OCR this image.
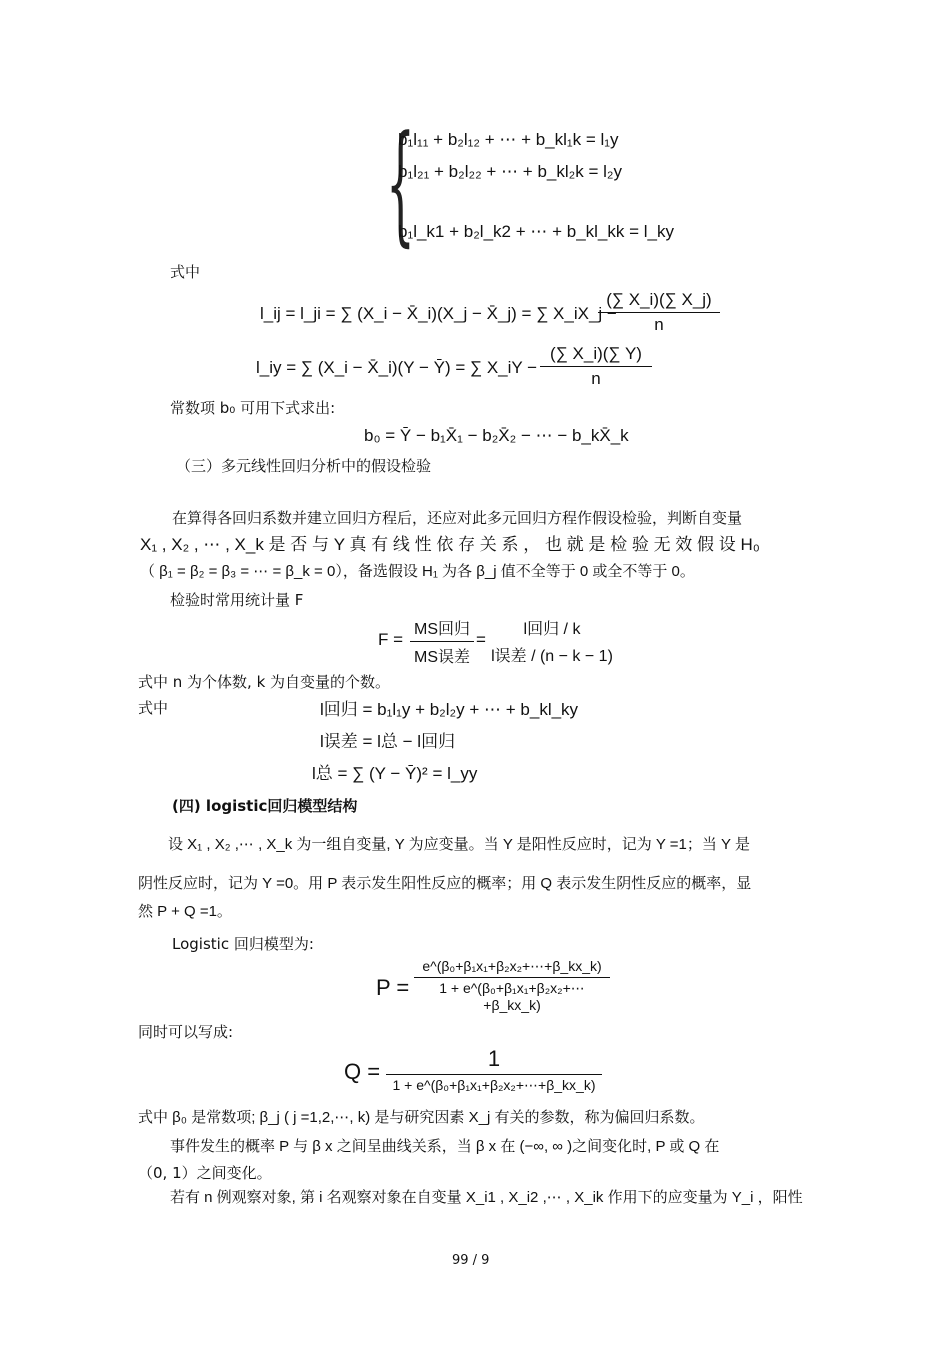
{
b₁l₁₁ + b₂l₁₂ + ⋯ + b_kl₁k = l₁y
b₁l₂₁ + b₂l₂₂ + ⋯ + b_kl₂k = l₂y
b₁l_k1 + b₂l_k2 + ⋯ + b_kl_kk = l_ky
式中
l_ij = l_ji = ∑ (X_i − X̄_i)(X_j − X̄_j) = ∑ X_iX_j −
$\frac{(\sum X\_i)(\sum X\_j)}{n}$
l_iy = ∑ (X_i − X̄_i)(Y − Ȳ) = ∑ X_iY − $\frac{(\sum X\_i)(\sum Y)}{n}$
常数项 b₀ 可用下式求出:
b₀ = Ȳ − b₁X̄₁ − b₂X̄₂ − ⋯ − b_kX̄_k
（三）多元线性回归分析中的假设检验
在算得各回归系数并建立回归方程后，还应对此多元回归方程作假设检验，判断自变量
X₁ , X₂ , ⋯ , X_k 是 否 与 Y 真 有 线 性 依 存 关 系 ， 也 就 是 检 验 无 效 假 设 H₀
（ β₁ = β₂ = β₃ = ⋯ = β_k = 0），备选假设 H₁ 为各 β_j 值不全等于 0 或全不等于 0。
检验时常用统计量 F
F =
MS回归
MS误差
=
l回归 / k
l误差 / (n − k − 1)
式中 n 为个体数, k 为自变量的个数。
式中	l回归 = b₁l₁y + b₂l₂y + ⋯ + b_kl_ky
l误差 = l总 − l回归
l总 = ∑ (Y − Ȳ)² = l_yy
(四) logistic回归模型结构
设 X₁ , X₂ ,⋯ , X_k 为一组自变量, Y 为应变量。当 Y 是阳性反应时，记为 Y =1；当 Y 是
阴性反应时，记为 Y =0。用 P 表示发生阳性反应的概率；用 Q 表示发生阴性反应的概率，显
然 P + Q =1。
Logistic 回归模型为:
$P = \frac{\text{e\textasciicircum{}(β₀+β₁x₁+β₂x₂+⋯+β\_kx\_k)}}{\text{1 + e\textasciicircum{}(β₀+β₁x₁+β₂x₂+⋯+β\_kx\_k)}}$
同时可以写成:
Q =
1
1 + e^(β₀+β₁x₁+β₂x₂+⋯+β_kx_k)
式中 β₀ 是常数项; β_j ( j =1,2,⋯, k) 是与研究因素 X_j 有关的参数，称为偏回归系数。
事件发生的概率 P 与 β x 之间呈曲线关系，当 β x 在 (−∞, ∞ )之间变化时, P 或 Q 在
（0, 1）之间变化。
若有 n 例观察对象, 第 i 名观察对象在自变量 X_i1 , X_i2 ,⋯ , X_ik 作用下的应变量为 Y_i ，阳性
99 / 9
